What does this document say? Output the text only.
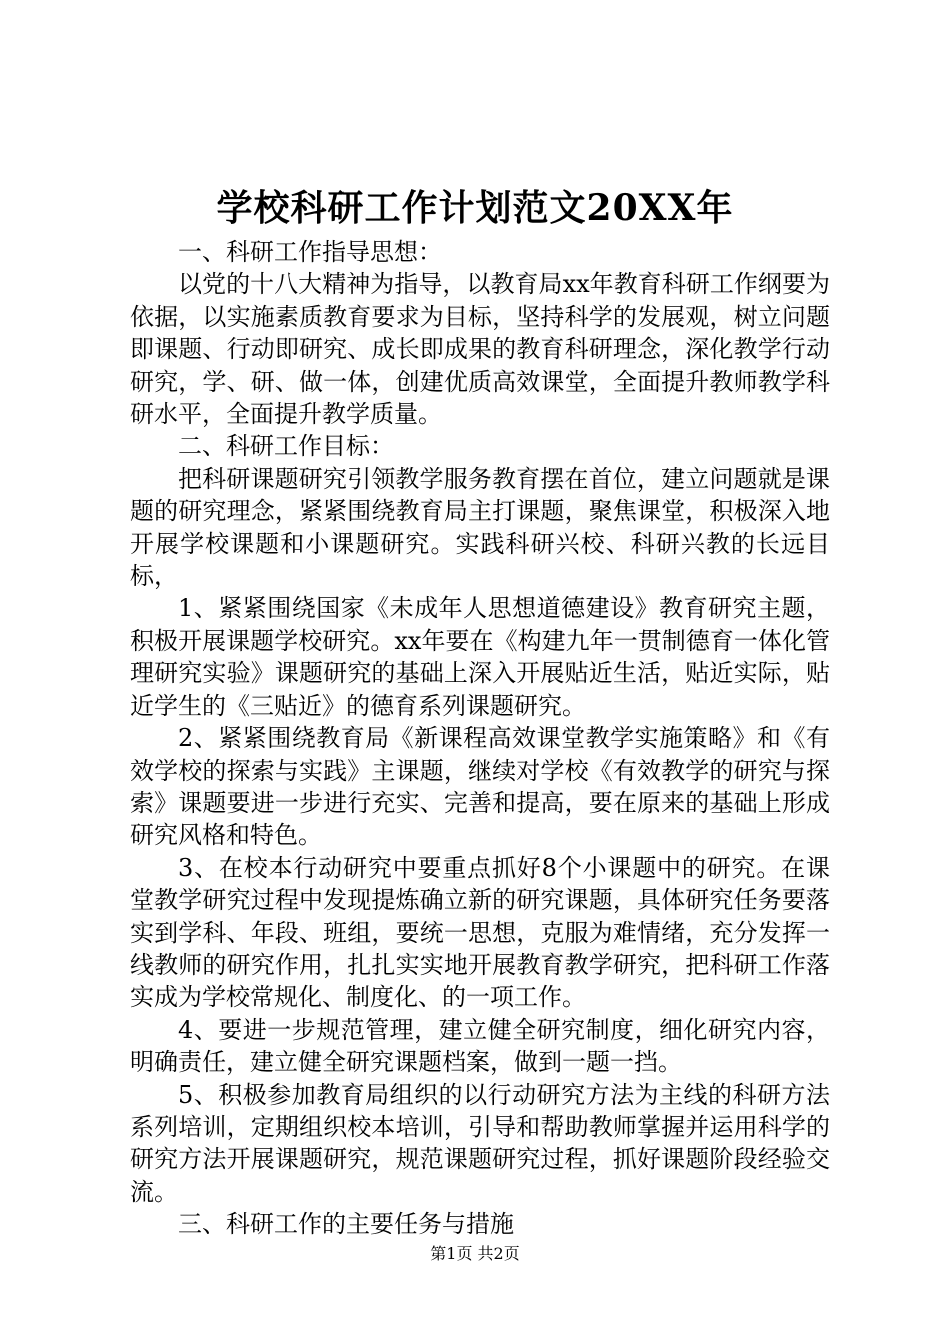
学校科研工作计划范文20XX年

一、科研工作指导思想：

以党的十八大精神为指导，以教育局xx年教育科研工作纲要为依据，以实施素质教育要求为目标，坚持科学的发展观，树立问题即课题、行动即研究、成长即成果的教育科研理念，深化教学行动研究，学、研、做一体，创建优质高效课堂，全面提升教师教学科研水平，全面提升教学质量。

二、科研工作目标：

把科研课题研究引领教学服务教育摆在首位，建立问题就是课题的研究理念，紧紧围绕教育局主打课题，聚焦课堂，积极深入地开展学校课题和小课题研究。实践科研兴校、科研兴教的长远目标，

1、紧紧围绕国家《未成年人思想道德建设》教育研究主题，积极开展课题学校研究。xx年要在《构建九年一贯制德育一体化管理研究实验》课题研究的基础上深入开展贴近生活，贴近实际，贴近学生的《三贴近》的德育系列课题研究。

2、紧紧围绕教育局《新课程高效课堂教学实施策略》和《有效学校的探索与实践》主课题，继续对学校《有效教学的研究与探索》课题要进一步进行充实、完善和提高，要在原来的基础上形成研究风格和特色。

3、在校本行动研究中要重点抓好8个小课题中的研究。在课堂教学研究过程中发现提炼确立新的研究课题，具体研究任务要落实到学科、年段、班组，要统一思想，克服为难情绪，充分发挥一线教师的研究作用，扎扎实实地开展教育教学研究，把科研工作落实成为学校常规化、制度化、的一项工作。

4、要进一步规范管理，建立健全研究制度，细化研究内容，明确责任，建立健全研究课题档案，做到一题一挡。

5、积极参加教育局组织的以行动研究方法为主线的科研方法系列培训，定期组织校本培训，引导和帮助教师掌握并运用科学的研究方法开展课题研究，规范课题研究过程，抓好课题阶段经验交流。

三、科研工作的主要任务与措施

第1页 共2页
